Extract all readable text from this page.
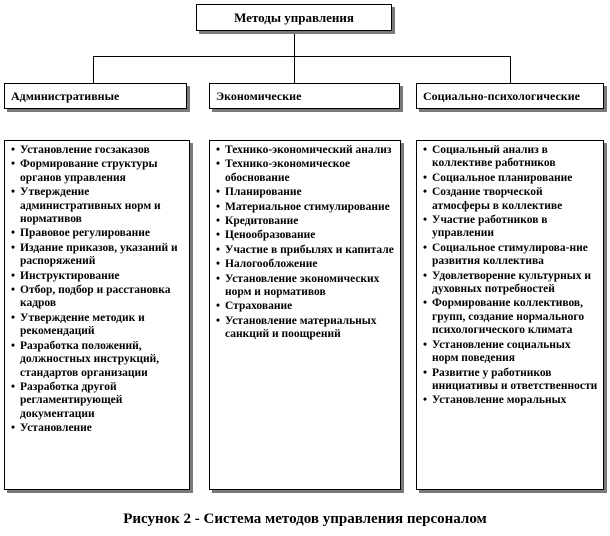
Методы управления
Административные	Экономические	Социально-психологические
• Установление госзаказов
• Формирование структуры органов управления
• Утверждение административных норм и нормативов
• Правовое регулирование
• Издание приказов, указаний и распоряжений
• Инструктирование
• Отбор, подбор и расстановка кадров
• Утверждение методик и рекомендаций
• Разработка положений, должностных инструкций, стандартов организации
• Разработка другой регламентирующей документации
• Установление
• Технико-экономический анализ
• Технико-экономическое обоснование
• Планирование
• Материальное стимулирование
• Кредитование
• Ценообразование
• Участие в прибылях и капитале
• Налогообложение
• Установление экономических норм и нормативов
• Страхование
• Установление материальных санкций и поощрений
• Социальный анализ в коллективе работников
• Социальное планирование
• Создание творческой атмосферы в коллективе
• Участие работников в управлении
• Социальное стимулирова-ние развития коллектива
• Удовлетворение культурных и духовных потребностей
• Формирование коллективов, групп, создание нормального психологического климата
• Установление социальных норм поведения
• Развитие у работников инициативы и ответственности
• Установление моральных
Рисунок 2 - Система методов управления персоналом
